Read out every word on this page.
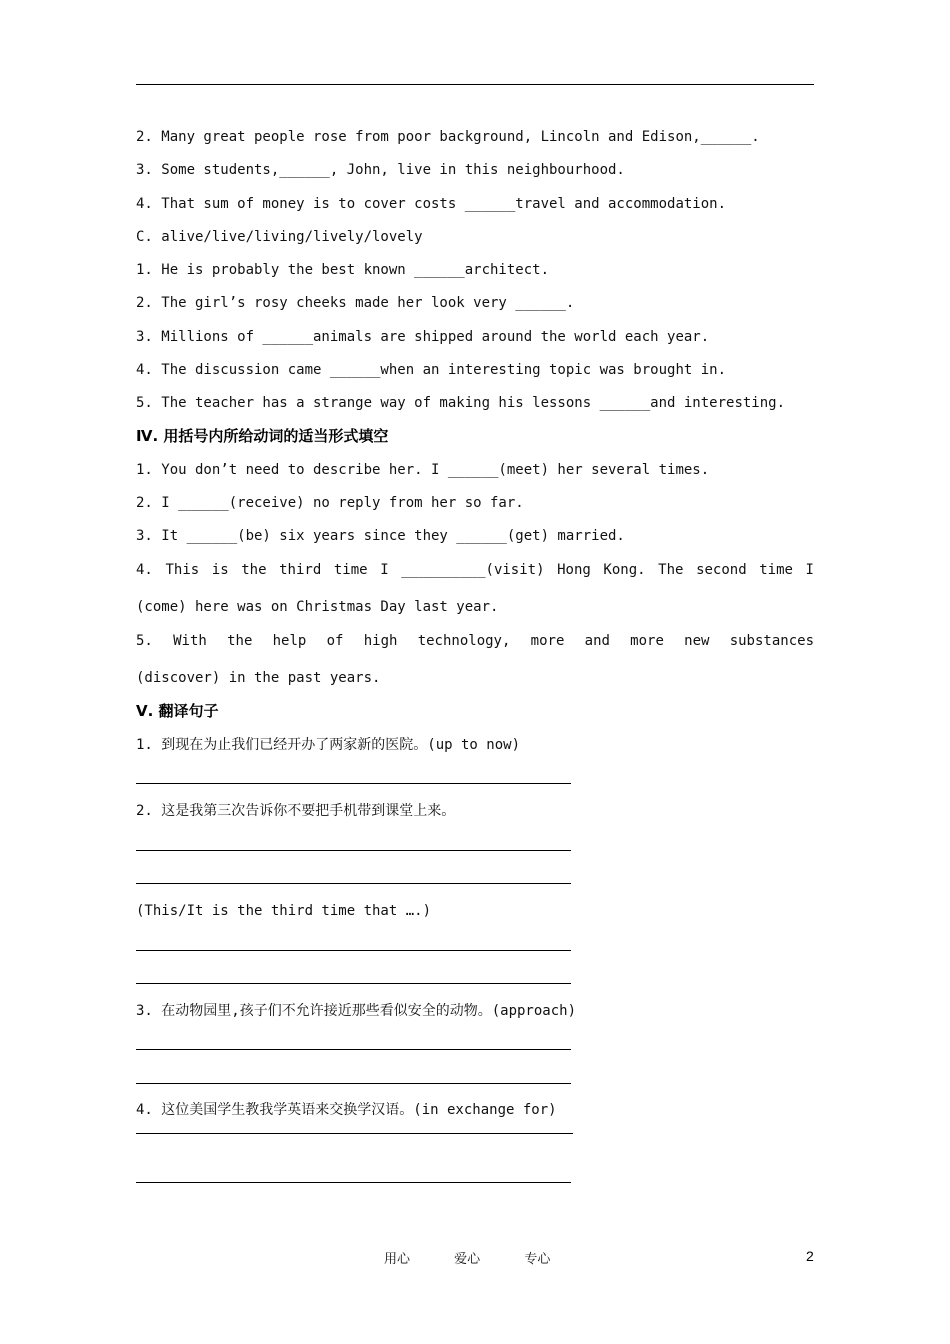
2. Many great people rose from poor background, Lincoln and Edison,______.
3. Some students,______, John, live in this neighbourhood.
4. That sum of money is to cover costs ______travel and accommodation.
C. alive/live/living/lively/lovely
1. He is probably the best known ______architect.
2. The girl’s rosy cheeks made her look very ______.
3. Millions of ______animals are shipped around the world each year.
4. The discussion came ______when an interesting topic was brought in.
5. The teacher has a strange way of making his lessons ______and interesting.
Ⅳ. 用括号内所给动词的适当形式填空
1. You don’t need to describe her. I ______(meet) her several times.
2. I ______(receive) no reply from her so far.
3. It ______(be) six years since they ______(get) married.
4. This is the third time I __________(visit) Hong Kong. The second time I
(come) here was on Christmas Day last year.
5. With the help of high technology, more and more new substances
(discover) in the past years.
Ⅴ. 翻译句子
1. 到现在为止我们已经开办了两家新的医院。(up to now)
2. 这是我第三次告诉你不要把手机带到课堂上来。
(This/It is the third time that ….)
3. 在动物园里,孩子们不允许接近那些看似安全的动物。(approach)
4. 这位美国学生教我学英语来交换学汉语。(in exchange for)
用心	爱心	专心	2
